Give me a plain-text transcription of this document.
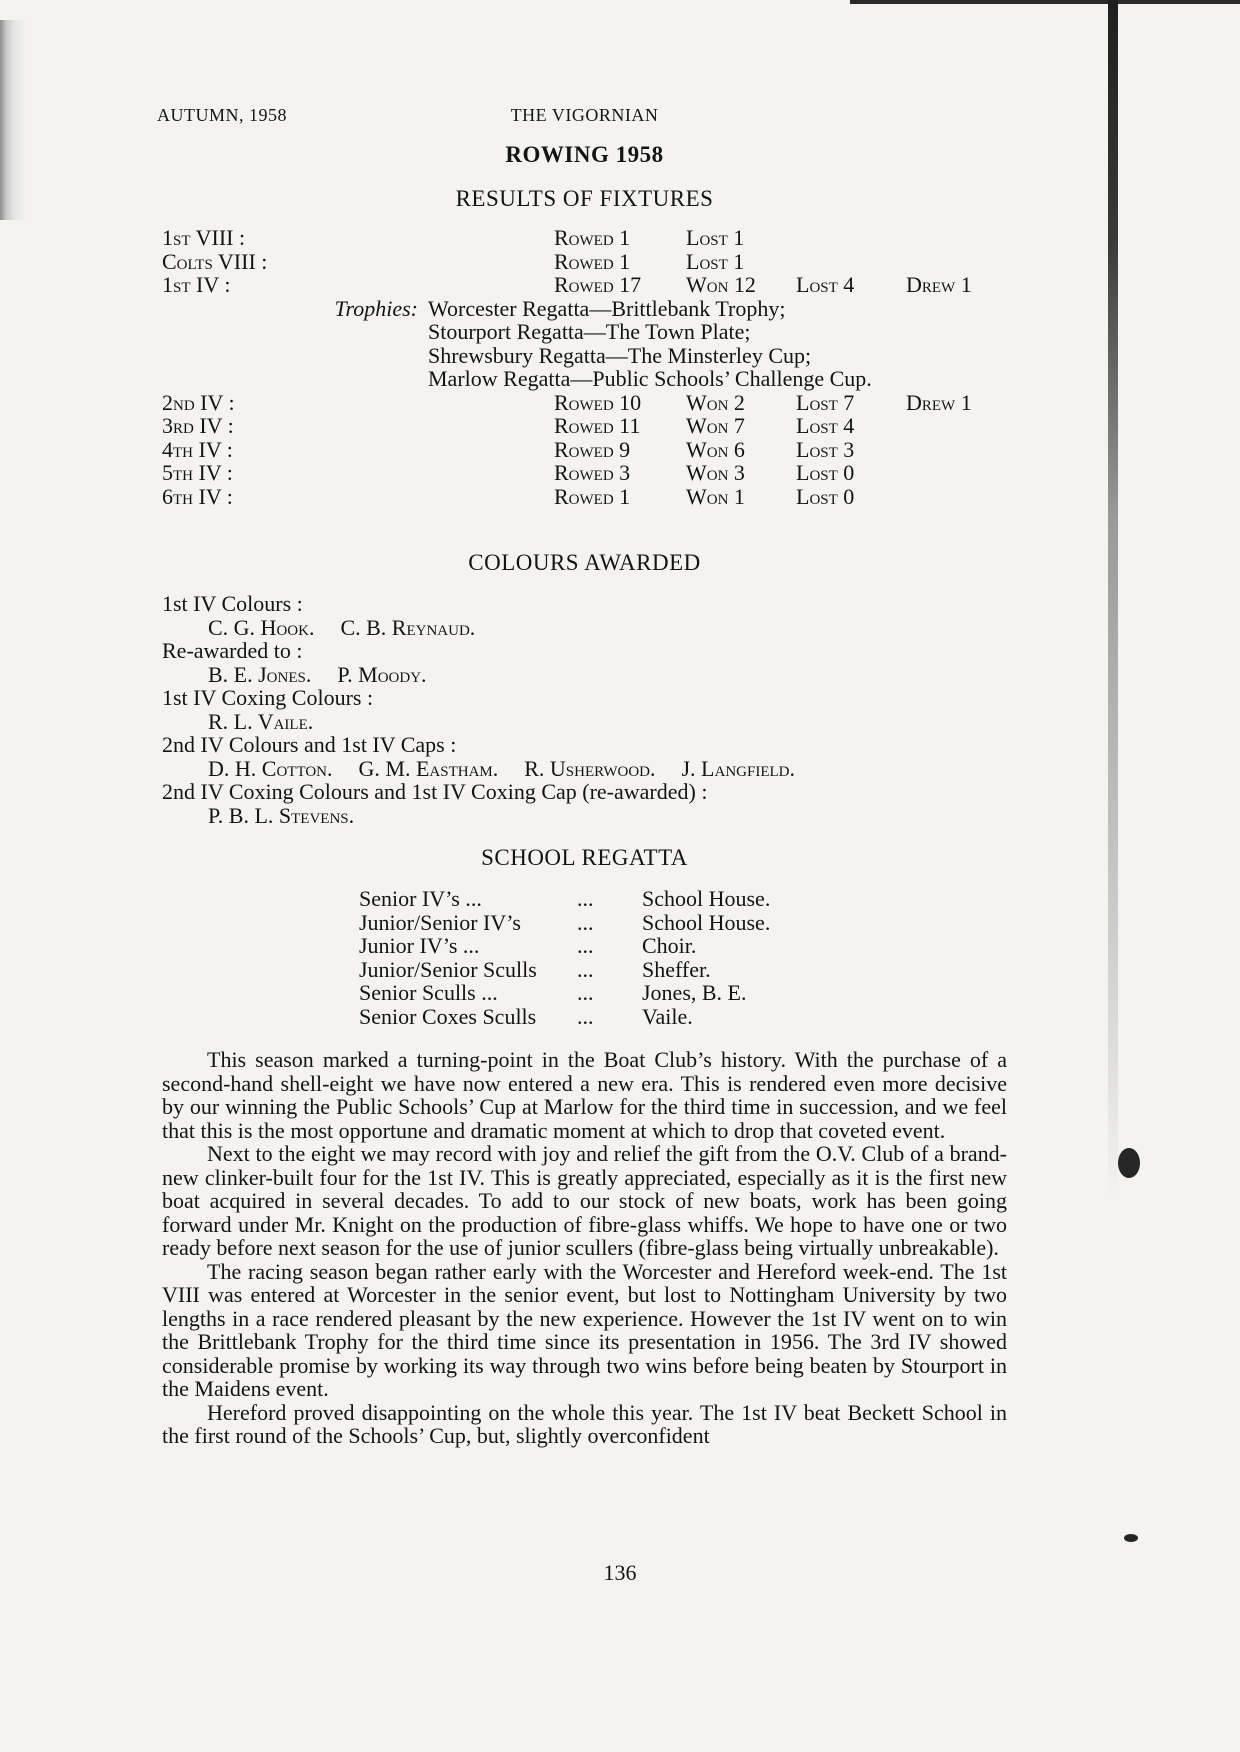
AUTUMN, 1958	THE VIGORNIAN
ROWING 1958
RESULTS OF FIXTURES
1st VIII :	Rowed 1 Lost 1
Colts VIII :	Rowed 1 Lost 1
1st IV :	Rowed 17 Won 12 Lost 4 Drew 1
Trophies:	Worcester Regatta—Brittlebank Trophy;
	Stourport Regatta—The Town Plate;
	Shrewsbury Regatta—The Minsterley Cup;
	Marlow Regatta—Public Schools’ Challenge Cup.
2nd IV :	Rowed 10 Won 2 Lost 7 Drew 1
3rd IV :	Rowed 11 Won 7 Lost 4
4th IV :	Rowed 9 Won 6 Lost 3
5th IV :	Rowed 3 Won 3 Lost 0
6th IV :	Rowed 1 Won 1 Lost 0
COLOURS AWARDED
1st IV Colours :
C. G. Hook. C. B. Reynaud.
Re-awarded to :
B. E. Jones. P. Moody.
1st IV Coxing Colours :
R. L. Vaile.
2nd IV Colours and 1st IV Caps :
D. H. Cotton. G. M. Eastham. R. Usherwood. J. Langfield.
2nd IV Coxing Colours and 1st IV Coxing Cap (re-awarded) :
P. B. L. Stevens.
SCHOOL REGATTA
Senior IV’s ...	...	School House.
Junior/Senior IV’s	...	School House.
Junior IV’s ...	...	Choir.
Junior/Senior Sculls	...	Sheffer.
Senior Sculls ...	...	Jones, B. E.
Senior Coxes Sculls	...	Vaile.

This season marked a turning-point in the Boat Club’s history. With the purchase of a second-hand shell-eight we have now entered a new era. This is rendered even more decisive by our winning the Public Schools’ Cup at Marlow for the third time in succession, and we feel that this is the most opportune and dramatic moment at which to drop that coveted event.

Next to the eight we may record with joy and relief the gift from the O.V. Club of a brand-new clinker-built four for the 1st IV. This is greatly appreciated, especially as it is the first new boat acquired in several decades. To add to our stock of new boats, work has been going forward under Mr. Knight on the production of fibre-glass whiffs. We hope to have one or two ready before next season for the use of junior scullers (fibre-glass being virtually unbreakable).

The racing season began rather early with the Worcester and Hereford week-end. The 1st VIII was entered at Worcester in the senior event, but lost to Nottingham University by two lengths in a race rendered pleasant by the new experience. However the 1st IV went on to win the Brittlebank Trophy for the third time since its presentation in 1956. The 3rd IV showed considerable promise by working its way through two wins before being beaten by Stourport in the Maidens event.

Hereford proved disappointing on the whole this year. The 1st IV beat Beckett School in the first round of the Schools’ Cup, but, slightly overconfident

136
